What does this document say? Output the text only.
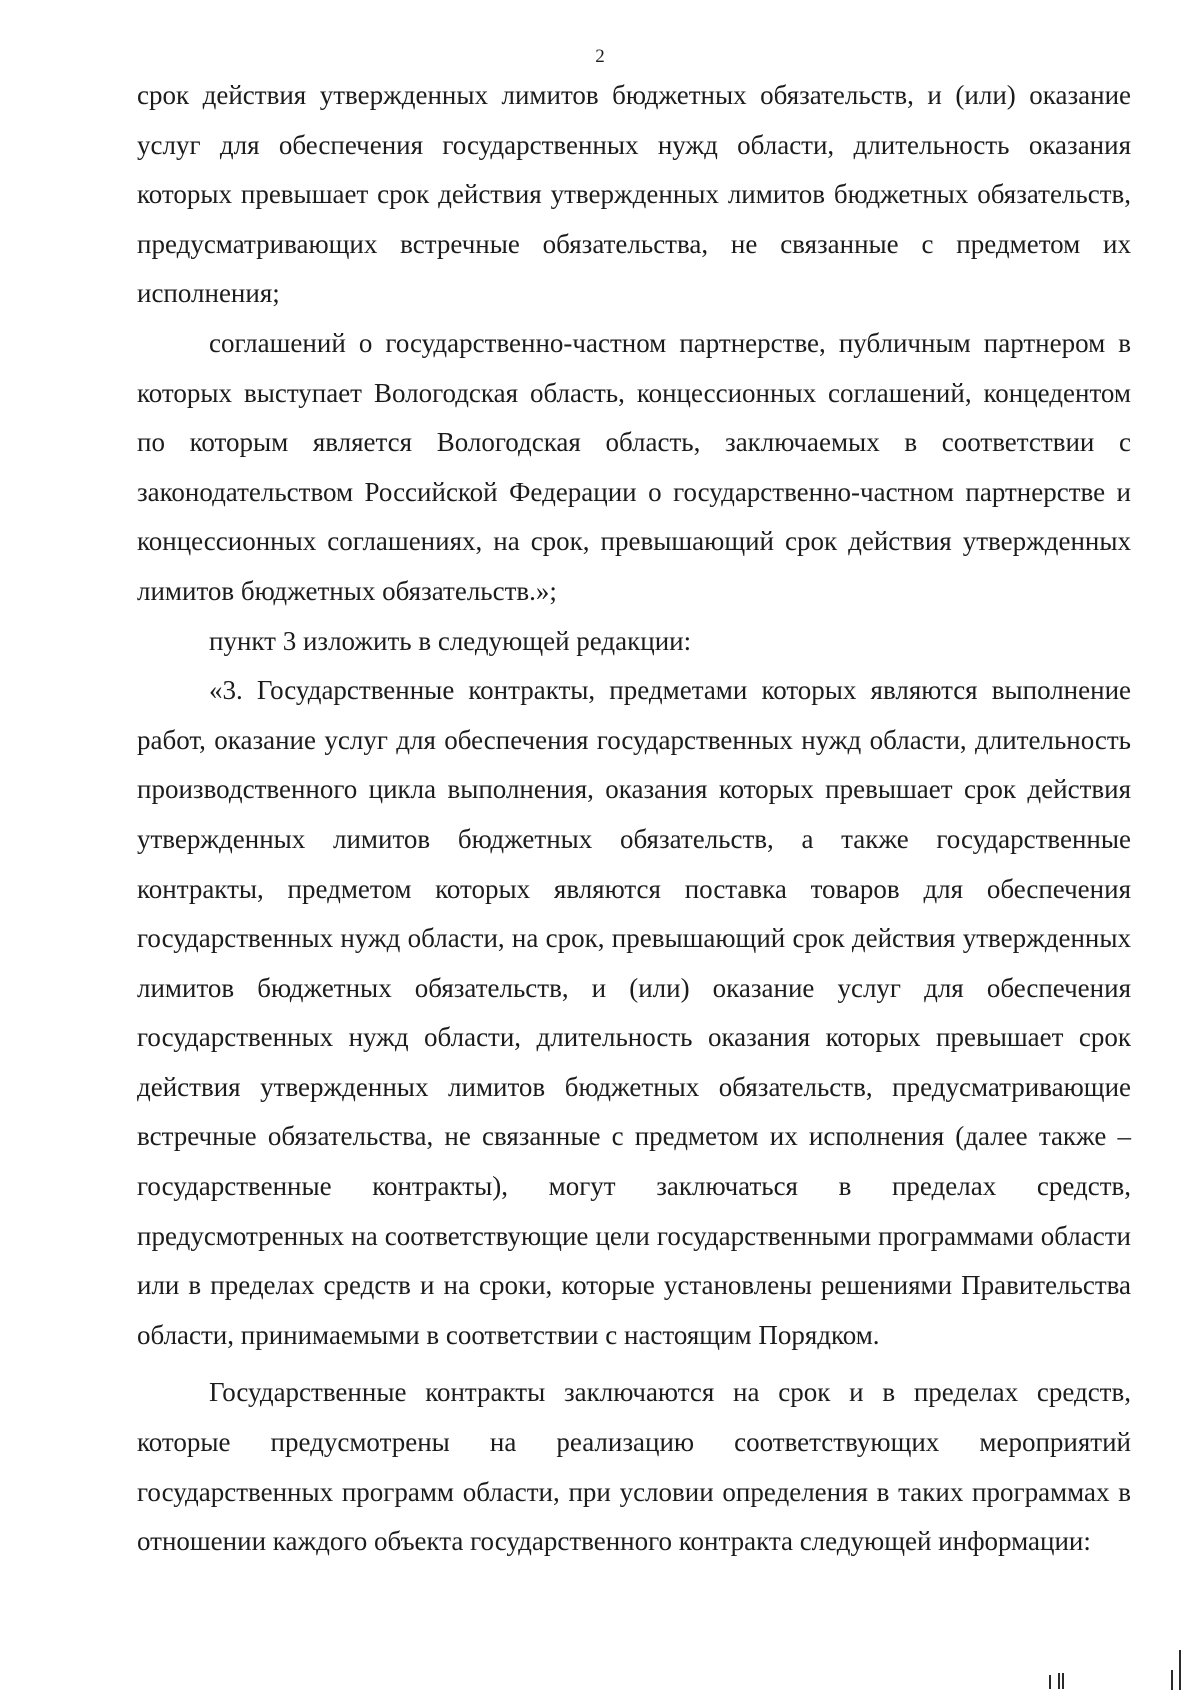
2

срок действия утвержденных лимитов бюджетных обязательств, и (или) оказание услуг для обеспечения государственных нужд области, длительность оказания которых превышает срок действия утвержденных лимитов бюджетных обязательств, предусматривающих встречные обязательства, не связанные с предметом их исполнения;

соглашений о государственно-частном партнерстве, публичным партнером в которых выступает Вологодская область, концессионных соглашений, концедентом по которым является Вологодская область, заключаемых в соответствии с законодательством Российской Федерации о государственно-частном партнерстве и концессионных соглашениях, на срок, превышающий срок действия утвержденных лимитов бюджетных обязательств.»;

пункт 3 изложить в следующей редакции:

«3. Государственные контракты, предметами которых являются выполнение работ, оказание услуг для обеспечения государственных нужд области, длительность производственного цикла выполнения, оказания которых превышает срок действия утвержденных лимитов бюджетных обязательств, а также государственные контракты, предметом которых являются поставка товаров для обеспечения государственных нужд области, на срок, превышающий срок действия утвержденных лимитов бюджетных обязательств, и (или) оказание услуг для обеспечения государственных нужд области, длительность оказания которых превышает срок действия утвержденных лимитов бюджетных обязательств, предусматривающие встречные обязательства, не связанные с предметом их исполнения (далее также – государственные контракты), могут заключаться в пределах средств, предусмотренных на соответствующие цели государственными программами области или в пределах средств и на сроки, которые установлены решениями Правительства области, принимаемыми в соответствии с настоящим Порядком.

Государственные контракты заключаются на срок и в пределах средств, которые предусмотрены на реализацию соответствующих мероприятий государственных программ области, при условии определения в таких программах в отношении каждого объекта государственного контракта следующей информации:
